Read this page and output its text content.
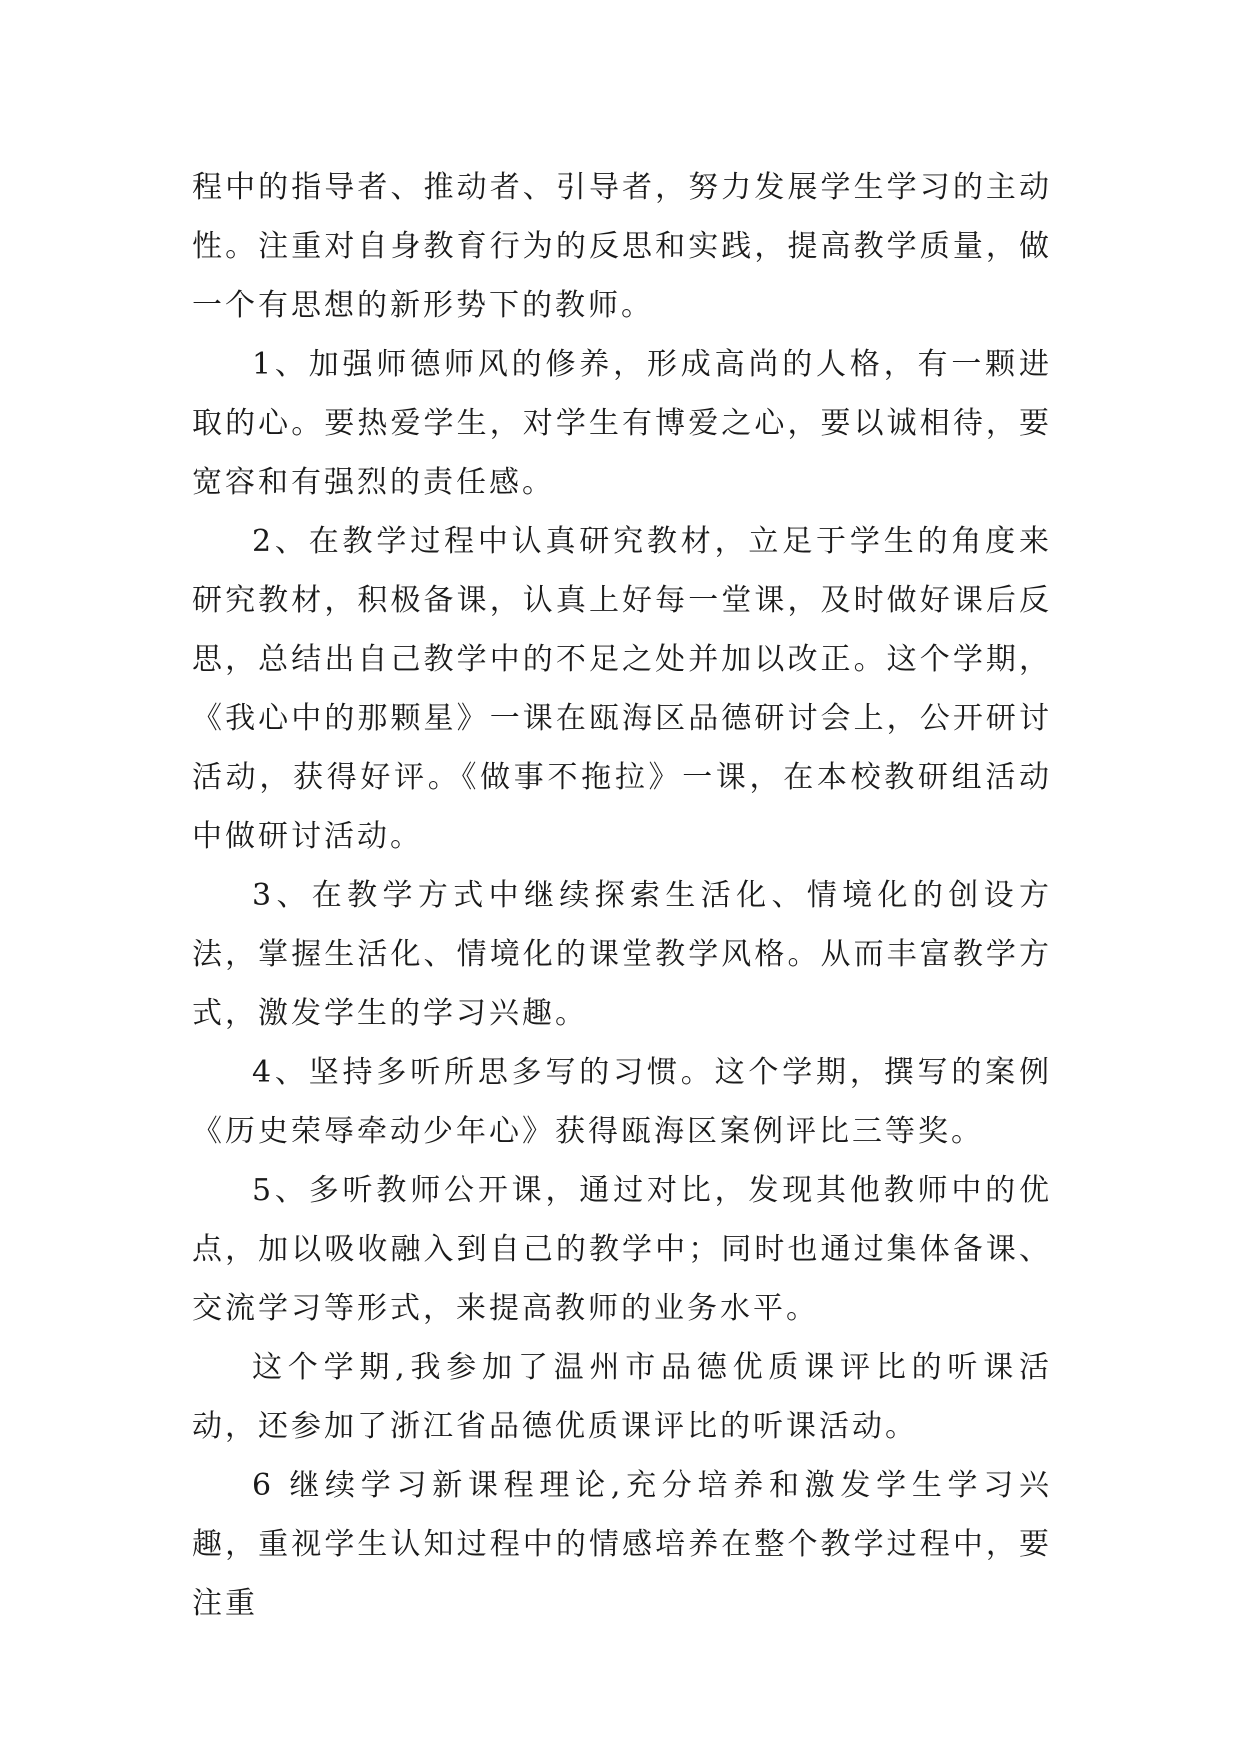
程中的指导者、推动者、引导者，努力发展学生学习的主动性。注重对自身教育行为的反思和实践，提高教学质量，做一个有思想的新形势下的教师。

1、加强师德师风的修养，形成高尚的人格，有一颗进取的心。要热爱学生，对学生有博爱之心，要以诚相待，要宽容和有强烈的责任感。

2、在教学过程中认真研究教材，立足于学生的角度来研究教材，积极备课，认真上好每一堂课，及时做好课后反思，总结出自己教学中的不足之处并加以改正。这个学期，《我心中的那颗星》一课在瓯海区品德研讨会上，公开研讨活动，获得好评。《做事不拖拉》一课，在本校教研组活动中做研讨活动。

3、在教学方式中继续探索生活化、情境化的创设方法，掌握生活化、情境化的课堂教学风格。从而丰富教学方式，激发学生的学习兴趣。

4、坚持多听所思多写的习惯。这个学期，撰写的案例《历史荣辱牵动少年心》获得瓯海区案例评比三等奖。

5、多听教师公开课，通过对比，发现其他教师中的优点，加以吸收融入到自己的教学中；同时也通过集体备课、交流学习等形式，来提高教师的业务水平。

这个学期,我参加了温州市品德优质课评比的听课活动，还参加了浙江省品德优质课评比的听课活动。

6 继续学习新课程理论,充分培养和激发学生学习兴趣，重视学生认知过程中的情感培养在整个教学过程中，要注重
